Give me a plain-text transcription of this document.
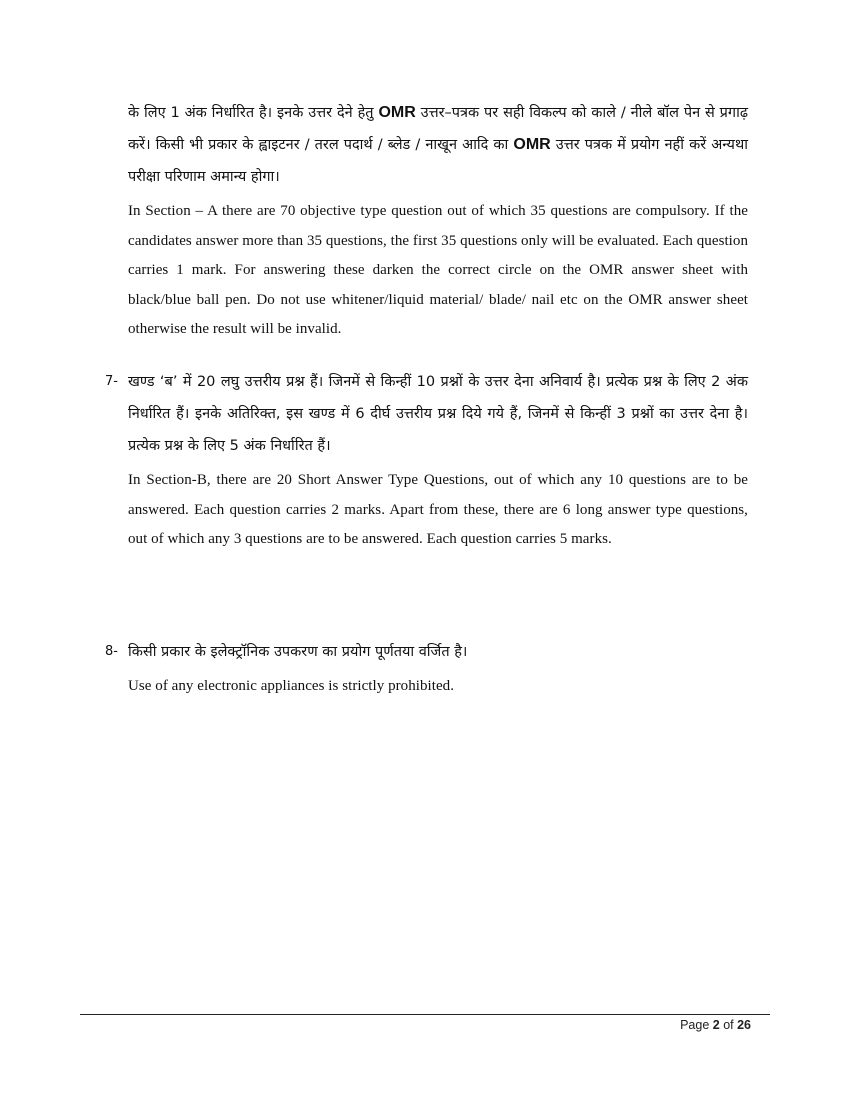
के लिए 1 अंक निर्धारित है। इनके उत्तर देने हेतु OMR उत्तर–पत्रक पर सही विकल्प को काले / नीले बॉल पेन से प्रगाढ़ करें। किसी भी प्रकार के ह्वाइटनर / तरल पदार्थ / ब्लेड / नाखून आदि का OMR उत्तर पत्रक में प्रयोग नहीं करें अन्यथा परीक्षा परिणाम अमान्य होगा।

In Section – A there are 70 objective type question out of which 35 questions are compulsory. If the candidates answer more than 35 questions, the first 35 questions only will be evaluated. Each question carries 1 mark. For answering these darken the correct circle on the OMR answer sheet with black/blue ball pen. Do not use whitener/liquid material/ blade/ nail etc on the OMR answer sheet otherwise the result will be invalid.

7- खण्ड ‘ब’ में 20 लघु उत्तरीय प्रश्न हैं। जिनमें से किन्हीं 10 प्रश्नों के उत्तर देना अनिवार्य है। प्रत्येक प्रश्न के लिए 2 अंक निर्धारित हैं। इनके अतिरिक्त, इस खण्ड में 6 दीर्घ उत्तरीय प्रश्न दिये गये हैं, जिनमें से किन्हीं 3 प्रश्नों का उत्तर देना है। प्रत्येक प्रश्न के लिए 5 अंक निर्धारित हैं।

In Section-B, there are 20 Short Answer Type Questions, out of which any 10 questions are to be answered. Each question carries 2 marks. Apart from these, there are 6 long answer type questions, out of which any 3 questions are to be answered. Each question carries 5 marks.

8- किसी प्रकार के इलेक्ट्रॉनिक उपकरण का प्रयोग पूर्णतया वर्जित है।

Use of any electronic appliances is strictly prohibited.

Page 2 of 26
